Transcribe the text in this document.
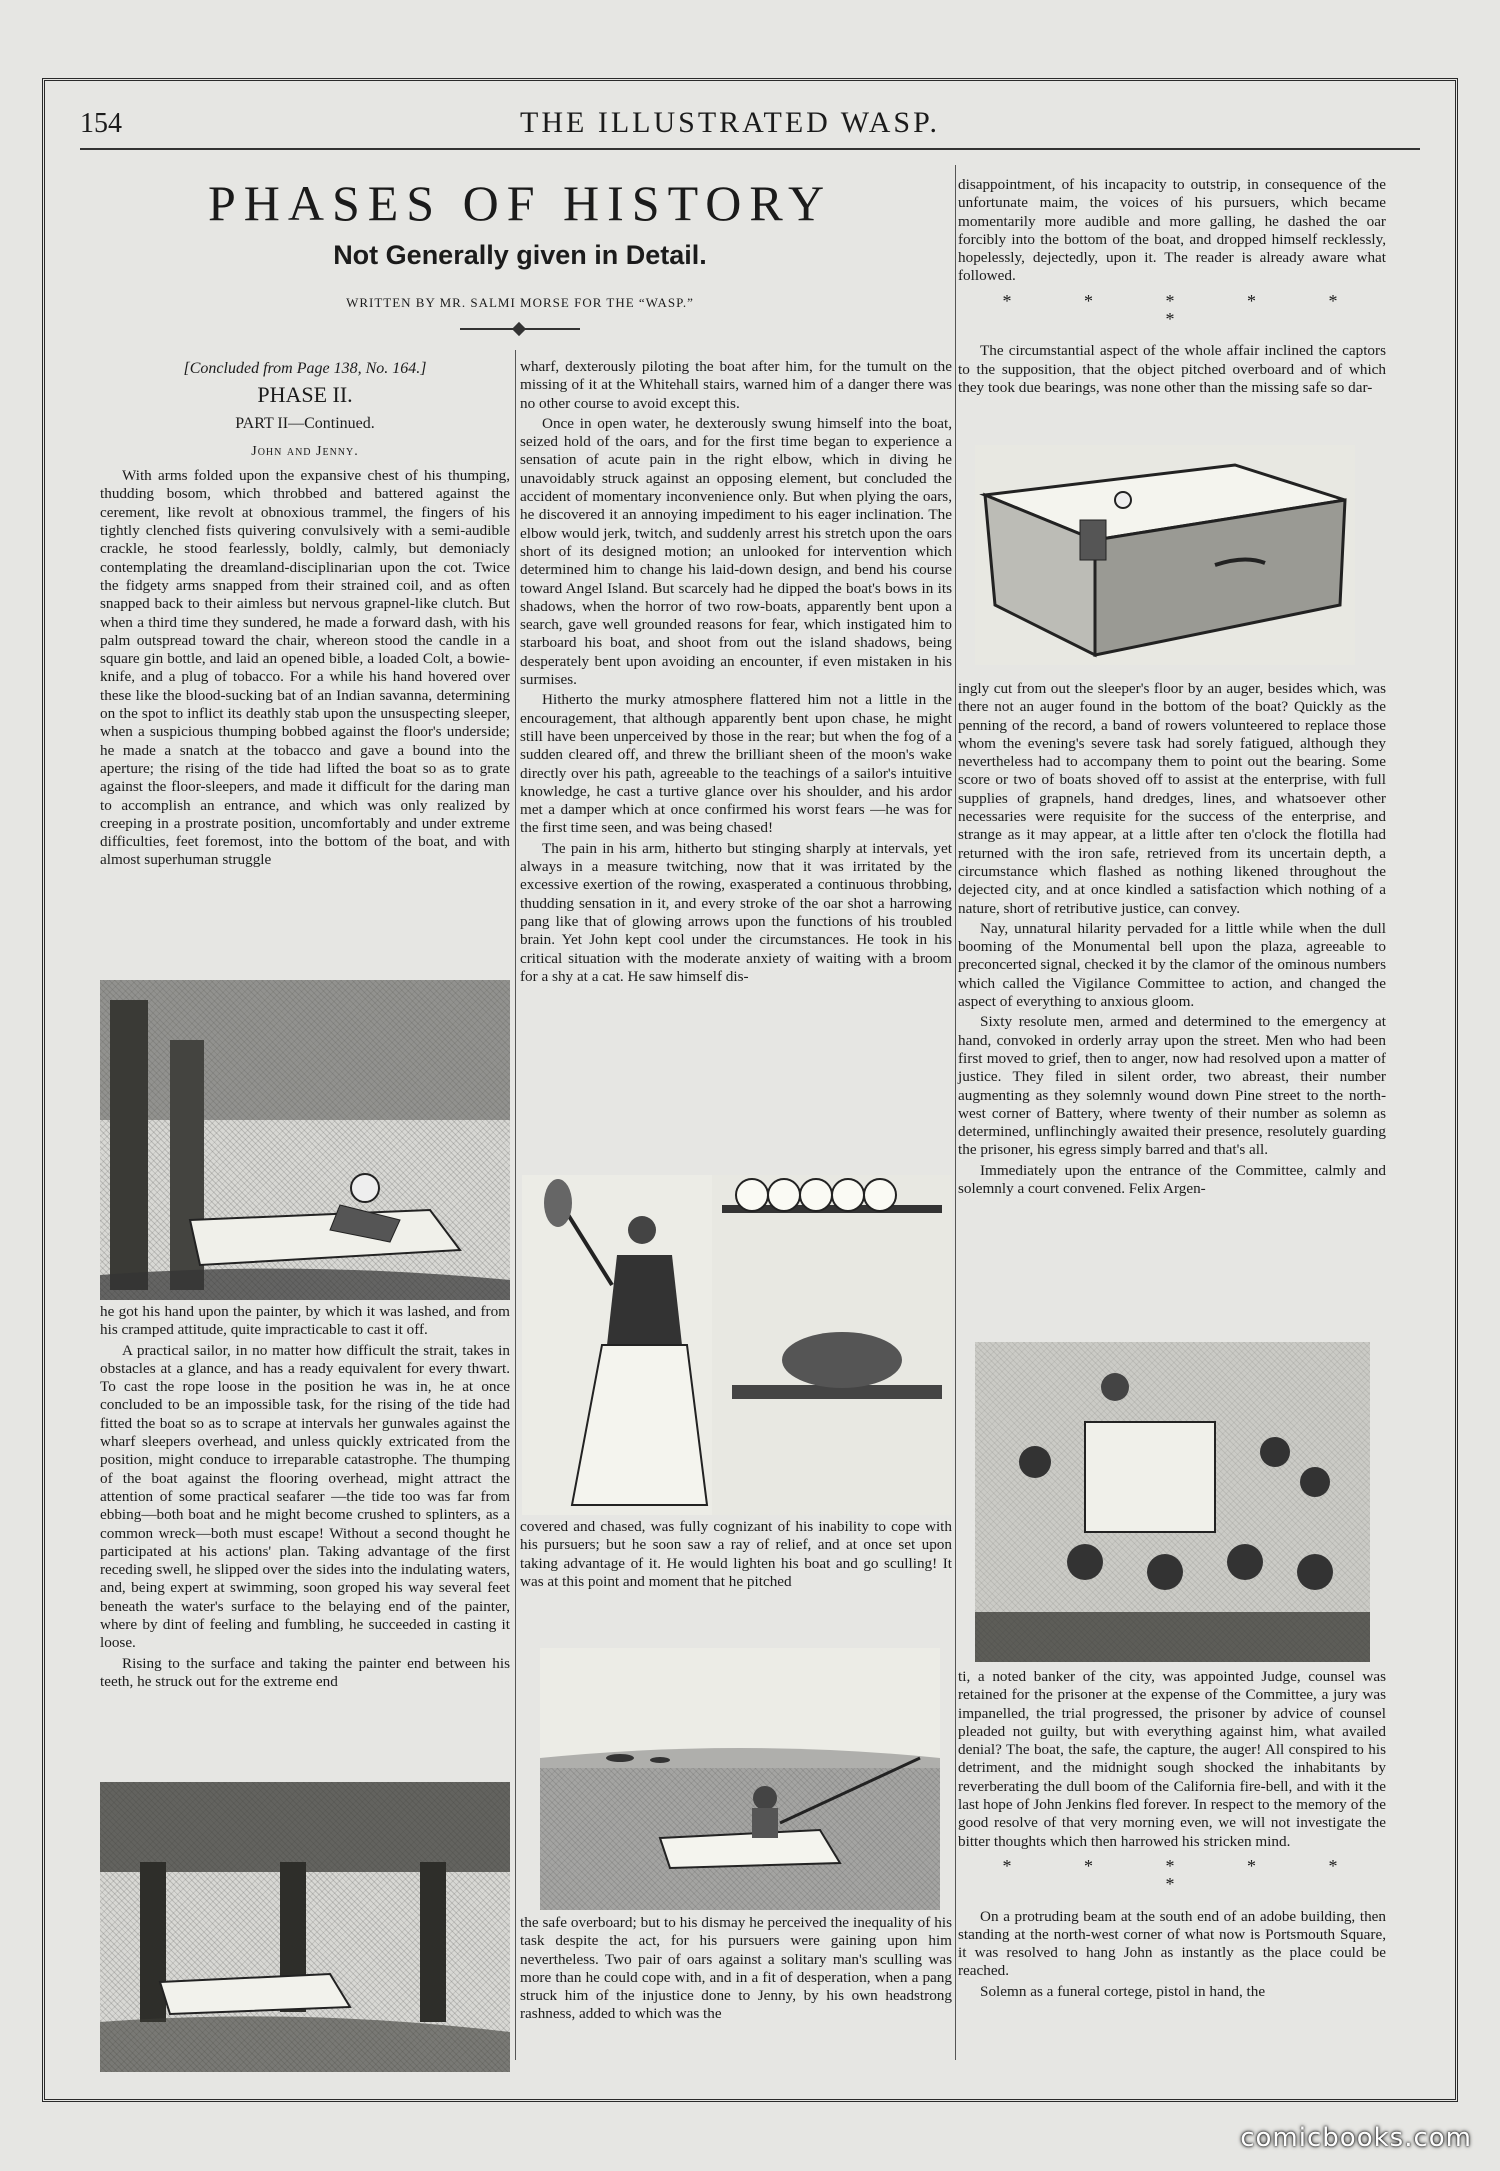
154	THE ILLUSTRATED WASP.
PHASES OF HISTORY
Not Generally given in Detail.
WRITTEN BY MR. SALMI MORSE FOR THE “WASP.”
[Concluded from Page 138, No. 164.]
PHASE II.
PART II—Continued.
John and Jenny.

With arms folded upon the expansive chest of his thumping, thudding bosom, which throbbed and battered against the cerement, like revolt at obnoxious trammel, the fingers of his tightly clenched fists quivering convulsively with a semi-audible crackle, he stood fearlessly, boldly, calmly, but demoniacly contemplating the dreamland-disciplinarian upon the cot. Twice the fidgety arms snapped from their strained coil, and as often snapped back to their aimless but nervous grapnel-like clutch. But when a third time they sundered, he made a forward dash, with his palm outspread toward the chair, whereon stood the candle in a square gin bottle, and laid an opened bible, a loaded Colt, a bowie-knife, and a plug of tobacco. For a while his hand hovered over these like the blood-sucking bat of an Indian savanna, determining on the spot to inflict its deathly stab upon the unsuspecting sleeper, when a suspicious thumping bobbed against the floor's underside; he made a snatch at the tobacco and gave a bound into the aperture; the rising of the tide had lifted the boat so as to grate against the floor-sleepers, and made it difficult for the daring man to accomplish an entrance, and which was only realized by creeping in a prostrate position, uncomfortably and under extreme difficulties, feet foremost, into the bottom of the boat, and with almost superhuman struggle

he got his hand upon the painter, by which it was lashed, and from his cramped attitude, quite impracticable to cast it off.

A practical sailor, in no matter how difficult the strait, takes in obstacles at a glance, and has a ready equivalent for every thwart. To cast the rope loose in the position he was in, he at once concluded to be an impossible task, for the rising of the tide had fitted the boat so as to scrape at intervals her gunwales against the wharf sleepers overhead, and unless quickly extricated from the position, might conduce to irreparable catastrophe. The thumping of the boat against the flooring overhead, might attract the attention of some practical seafarer —the tide too was far from ebbing—both boat and he might become crushed to splinters, as a common wreck—both must escape! Without a second thought he participated at his actions' plan. Taking advantage of the first receding swell, he slipped over the sides into the indulating waters, and, being expert at swimming, soon groped his way several feet beneath the water's surface to the belaying end of the painter, where by dint of feeling and fumbling, he succeeded in casting it loose.

Rising to the surface and taking the painter end between his teeth, he struck out for the extreme end

wharf, dexterously piloting the boat after him, for the tumult on the missing of it at the Whitehall stairs, warned him of a danger there was no other course to avoid except this.

Once in open water, he dexterously swung himself into the boat, seized hold of the oars, and for the first time began to experience a sensation of acute pain in the right elbow, which in diving he unavoidably struck against an opposing element, but concluded the accident of momentary inconvenience only. But when plying the oars, he discovered it an annoying impediment to his eager inclination. The elbow would jerk, twitch, and suddenly arrest his stretch upon the oars short of its designed motion; an unlooked for intervention which determined him to change his laid-down design, and bend his course toward Angel Island. But scarcely had he dipped the boat's bows in its shadows, when the horror of two row-boats, apparently bent upon a search, gave well grounded reasons for fear, which instigated him to starboard his boat, and shoot from out the island shadows, being desperately bent upon avoiding an encounter, if even mistaken in his surmises.

Hitherto the murky atmosphere flattered him not a little in the encouragement, that although apparently bent upon chase, he might still have been unperceived by those in the rear; but when the fog of a sudden cleared off, and threw the brilliant sheen of the moon's wake directly over his path, agreeable to the teachings of a sailor's intuitive knowledge, he cast a turtive glance over his shoulder, and his ardor met a damper which at once confirmed his worst fears —he was for the first time seen, and was being chased!

The pain in his arm, hitherto but stinging sharply at intervals, yet always in a measure twitching, now that it was irritated by the excessive exertion of the rowing, exasperated a continuous throbbing, thudding sensation in it, and every stroke of the oar shot a harrowing pang like that of glowing arrows upon the functions of his troubled brain. Yet John kept cool under the circumstances. He took in his critical situation with the moderate anxiety of waiting with a broom for a shy at a cat. He saw himself dis-

covered and chased, was fully cognizant of his inability to cope with his pursuers; but he soon saw a ray of relief, and at once set upon taking advantage of it. He would lighten his boat and go sculling! It was at this point and moment that he pitched

the safe overboard; but to his dismay he perceived the inequality of his task despite the act, for his pursuers were gaining upon him nevertheless. Two pair of oars against a solitary man's sculling was more than he could cope with, and in a fit of desperation, when a pang struck him of the injustice done to Jenny, by his own headstrong rashness, added to which was the

disappointment, of his incapacity to outstrip, in consequence of the unfortunate maim, the voices of his pursuers, which became momentarily more audible and more galling, he dashed the oar forcibly into the bottom of the boat, and dropped himself recklessly, hopelessly, dejectedly, upon it. The reader is already aware what followed.

* * * * * *

The circumstantial aspect of the whole affair inclined the captors to the supposition, that the object pitched overboard and of which they took due bearings, was none other than the missing safe so dar-

ingly cut from out the sleeper's floor by an auger, besides which, was there not an auger found in the bottom of the boat? Quickly as the penning of the record, a band of rowers volunteered to replace those whom the evening's severe task had sorely fatigued, although they nevertheless had to accompany them to point out the bearing. Some score or two of boats shoved off to assist at the enterprise, with full supplies of grapnels, hand dredges, lines, and whatsoever other necessaries were requisite for the success of the enterprise, and strange as it may appear, at a little after ten o'clock the flotilla had returned with the iron safe, retrieved from its uncertain depth, a circumstance which flashed as nothing likened throughout the dejected city, and at once kindled a satisfaction which nothing of a nature, short of retributive justice, can convey.

Nay, unnatural hilarity pervaded for a little while when the dull booming of the Monumental bell upon the plaza, agreeable to preconcerted signal, checked it by the clamor of the ominous numbers which called the Vigilance Committee to action, and changed the aspect of everything to anxious gloom.

Sixty resolute men, armed and determined to the emergency at hand, convoked in orderly array upon the street. Men who had been first moved to grief, then to anger, now had resolved upon a matter of justice. They filed in silent order, two abreast, their number augmenting as they solemnly wound down Pine street to the north-west corner of Battery, where twenty of their number as solemn as determined, unflinchingly awaited their presence, resolutely guarding the prisoner, his egress simply barred and that's all.

Immediately upon the entrance of the Committee, calmly and solemnly a court convened. Felix Argen-

ti, a noted banker of the city, was appointed Judge, counsel was retained for the prisoner at the expense of the Committee, a jury was impanelled, the trial progressed, the prisoner by advice of counsel pleaded not guilty, but with everything against him, what availed denial? The boat, the safe, the capture, the auger! All conspired to his detriment, and the midnight sough shocked the inhabitants by reverberating the dull boom of the California fire-bell, and with it the last hope of John Jenkins fled forever. In respect to the memory of the good resolve of that very morning even, we will not investigate the bitter thoughts which then harrowed his stricken mind.

* * * * * *

On a protruding beam at the south end of an adobe building, then standing at the north-west corner of what now is Portsmouth Square, it was resolved to hang John as instantly as the place could be reached.

Solemn as a funeral cortege, pistol in hand, the

comicbooks.com
